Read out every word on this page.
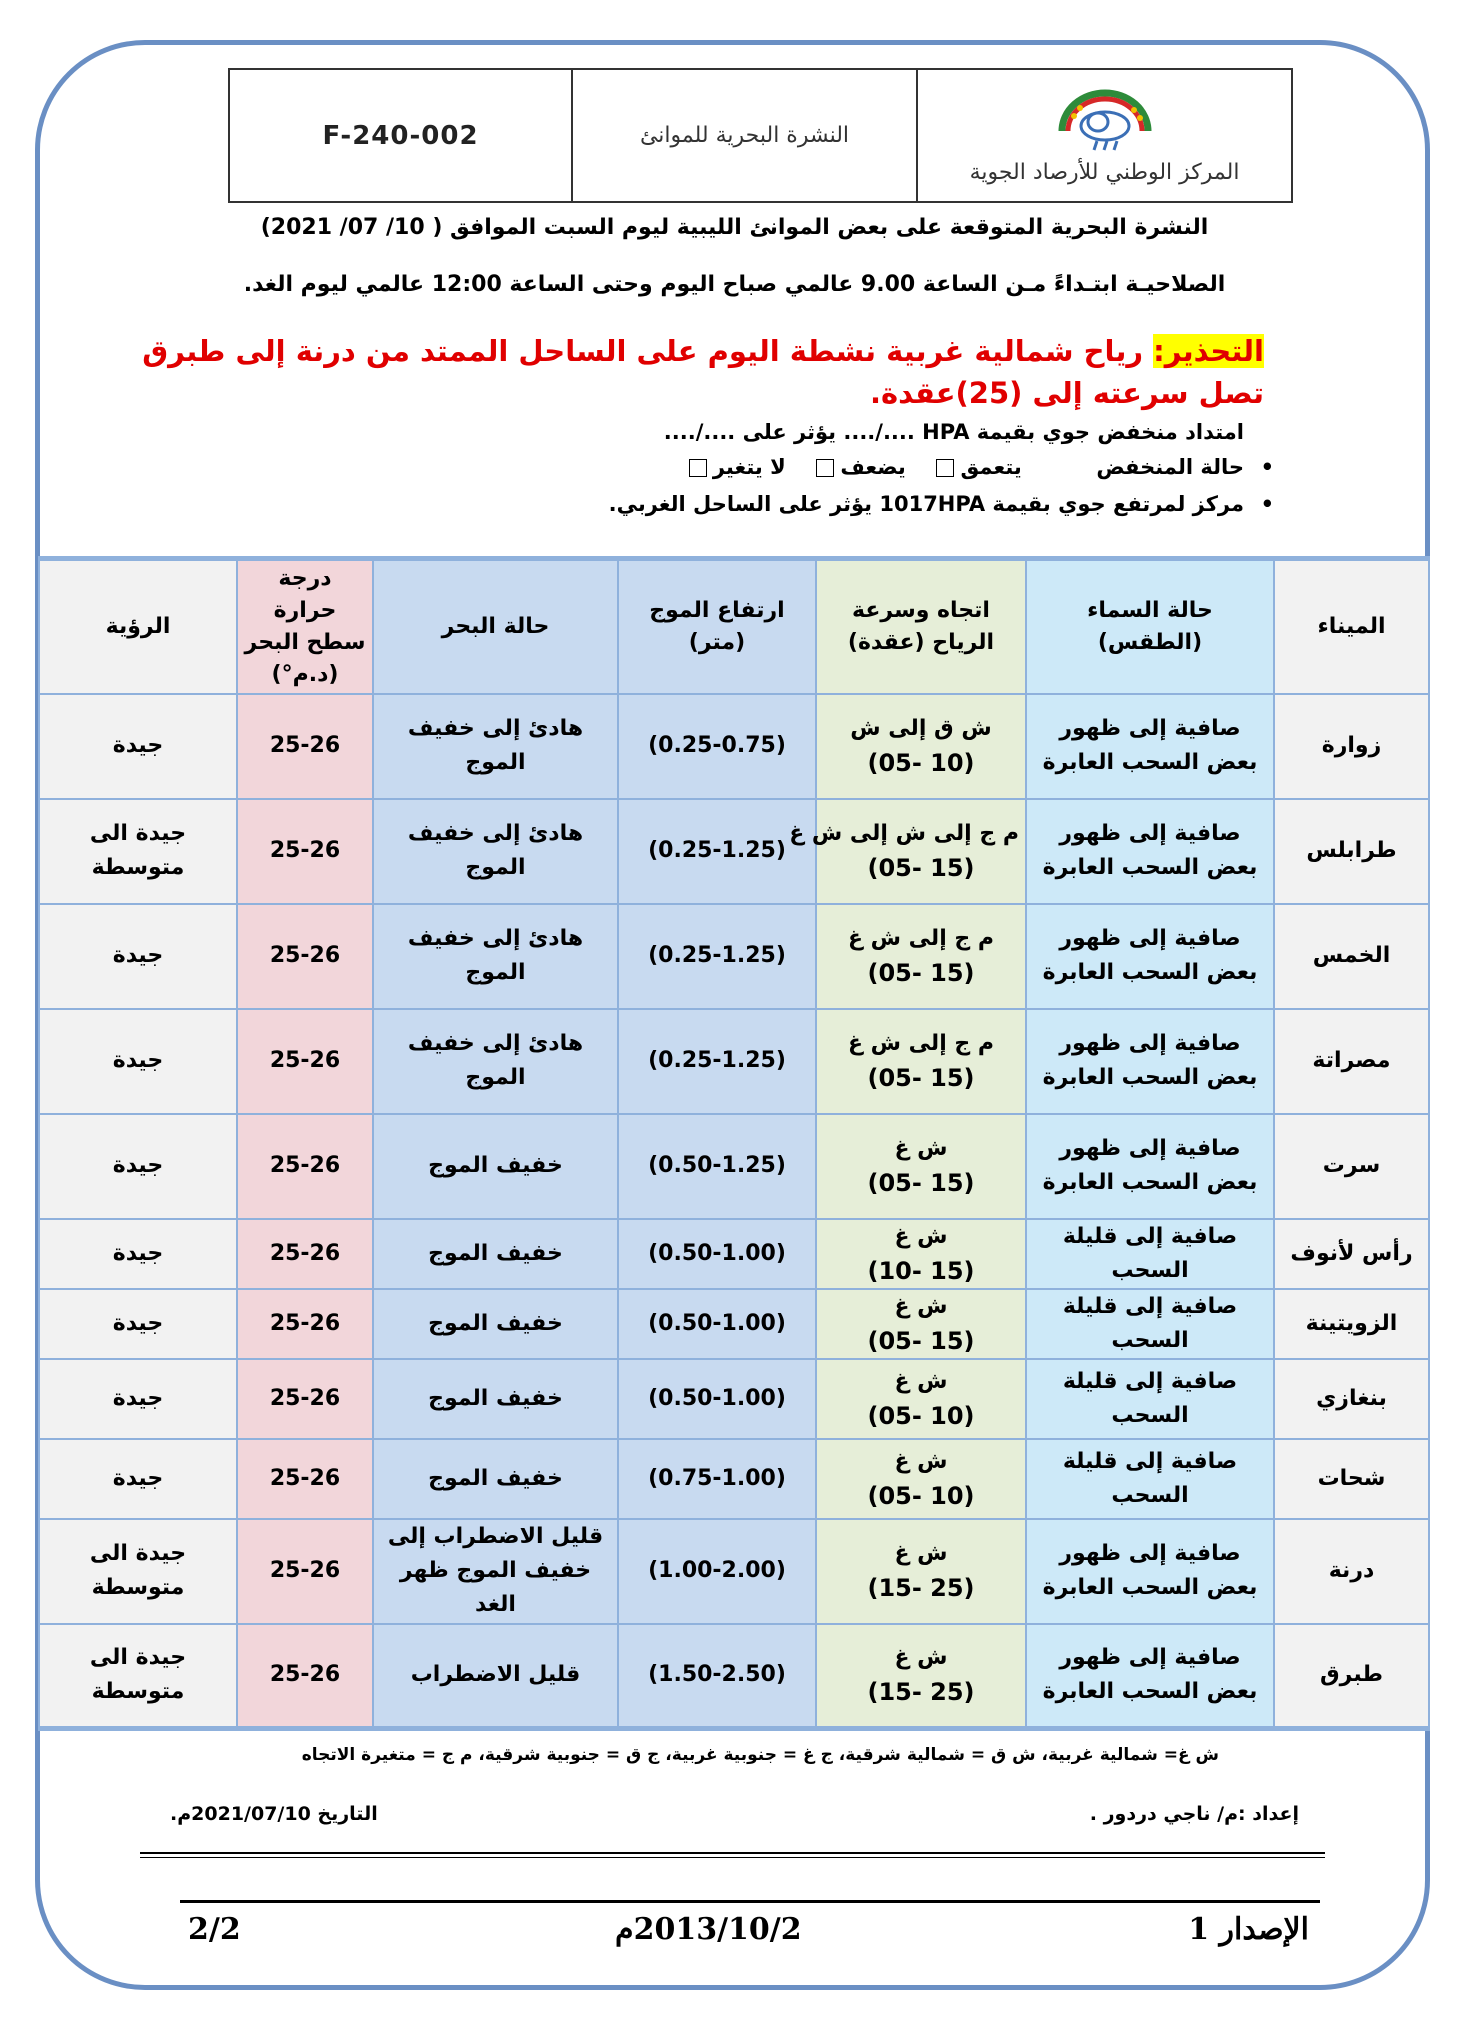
المركز الوطني للأرصاد الجوية
النشرة البحرية للموانئ
F-240-002
النشرة البحرية المتوقعة على بعض الموانئ الليبية ليوم السبت الموافق ( 10/ 07/ 2021)
الصلاحيـة ابتـداءً مـن الساعة 9.00 عالمي صباح اليوم وحتى الساعة 12:00 عالمي ليوم الغد.
التحذير: رياح شمالية غربية نشطة اليوم على الساحل الممتد من درنة إلى طبرق تصل سرعته إلى (25)عقدة.
امتداد منخفض جوي بقيمة HPA ..../.... يؤثر على ..../....
• حالة المنخفض  يتعمق  يضعف  لا يتغير
• مركز لمرتفع جوي بقيمة 1017HPA يؤثر على الساحل الغربي.
الميناء	حالة السماء (الطقس)	اتجاه وسرعة الرياح (عقدة)	ارتفاع الموج (متر)	حالة البحر	درجة حرارة سطح البحر (د.م°)	الرؤية
زوارة	صافية إلى ظهور بعض السحب العابرة	ش ق إلى ش
(05- 10)	(0.25-0.75)	هادئ إلى خفيف الموج	25-26	جيدة
طرابلس	صافية إلى ظهور بعض السحب العابرة	م ج إلى ش إلى ش غ
(05- 15)	(0.25-1.25)	هادئ إلى خفيف الموج	25-26	جيدة الى متوسطة
الخمس	صافية إلى ظهور بعض السحب العابرة	م ج إلى ش غ
(05- 15)	(0.25-1.25)	هادئ إلى خفيف الموج	25-26	جيدة
مصراتة	صافية إلى ظهور بعض السحب العابرة	م ج إلى ش غ
(05- 15)	(0.25-1.25)	هادئ إلى خفيف الموج	25-26	جيدة
سرت	صافية إلى ظهور بعض السحب العابرة	ش غ
(05- 15)	(0.50-1.25)	خفيف الموج	25-26	جيدة
رأس لأنوف	صافية إلى قليلة السحب	ش غ
(10- 15)	(0.50-1.00)	خفيف الموج	25-26	جيدة
الزويتينة	صافية إلى قليلة السحب	ش غ
(05- 15)	(0.50-1.00)	خفيف الموج	25-26	جيدة
بنغازي	صافية إلى قليلة السحب	ش غ
(05- 10)	(0.50-1.00)	خفيف الموج	25-26	جيدة
شحات	صافية إلى قليلة السحب	ش غ
(05- 10)	(0.75-1.00)	خفيف الموج	25-26	جيدة
درنة	صافية إلى ظهور بعض السحب العابرة	ش غ
(15- 25)	(1.00-2.00)	قليل الاضطراب إلى خفيف الموج ظهر الغد	25-26	جيدة الى متوسطة
طبرق	صافية إلى ظهور بعض السحب العابرة	ش غ
(15- 25)	(1.50-2.50)	قليل الاضطراب	25-26	جيدة الى متوسطة
ش غ= شمالية غربية، ش ق = شمالية شرقية، ج غ = جنوبية غربية، ج ق = جنوبية شرقية، م ج = متغيرة الاتجاه
إعداد :م/ ناجي دردور .
التاريخ 2021/07/10م.
الإصدار 1
2013/10/2م
2/2
